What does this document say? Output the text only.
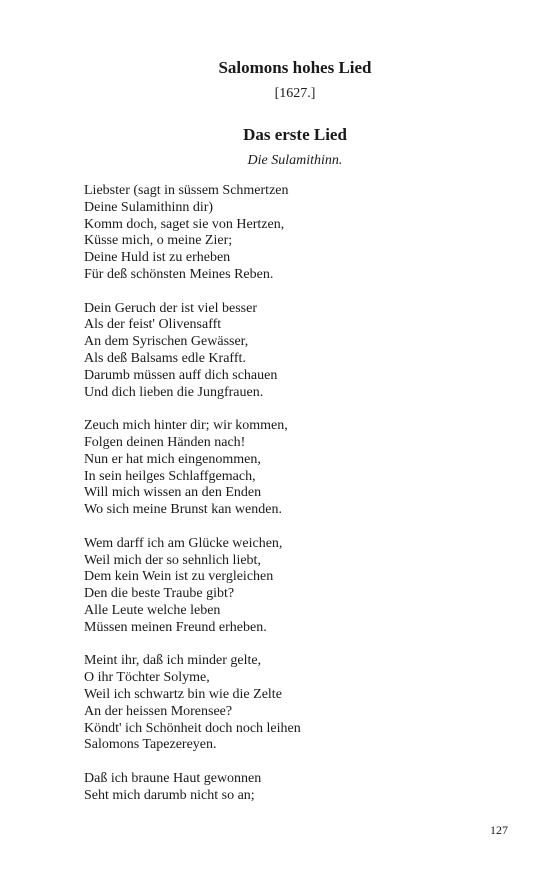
Salomons hohes Lied

[1627.]

Das erste Lied

Die Sulamithinn.

Liebster (sagt in süssem Schmertzen
Deine Sulamithinn dir)
Komm doch, saget sie von Hertzen,
Küsse mich, o meine Zier;
Deine Huld ist zu erheben
Für deß schönsten Meines Reben.
Dein Geruch der ist viel besser
Als der feist' Olivensafft
An dem Syrischen Gewässer,
Als deß Balsams edle Krafft.
Darumb müssen auff dich schauen
Und dich lieben die Jungfrauen.
Zeuch mich hinter dir; wir kommen,
Folgen deinen Händen nach!
Nun er hat mich eingenommen,
In sein heilges Schlaffgemach,
Will mich wissen an den Enden
Wo sich meine Brunst kan wenden.
Wem darff ich am Glücke weichen,
Weil mich der so sehnlich liebt,
Dem kein Wein ist zu vergleichen
Den die beste Traube gibt?
Alle Leute welche leben
Müssen meinen Freund erheben.
Meint ihr, daß ich minder gelte,
O ihr Töchter Solyme,
Weil ich schwartz bin wie die Zelte
An der heissen Morensee?
Köndt' ich Schönheit doch noch leihen
Salomons Tapezereyen.
Daß ich braune Haut gewonnen
Seht mich darumb nicht so an;
127
